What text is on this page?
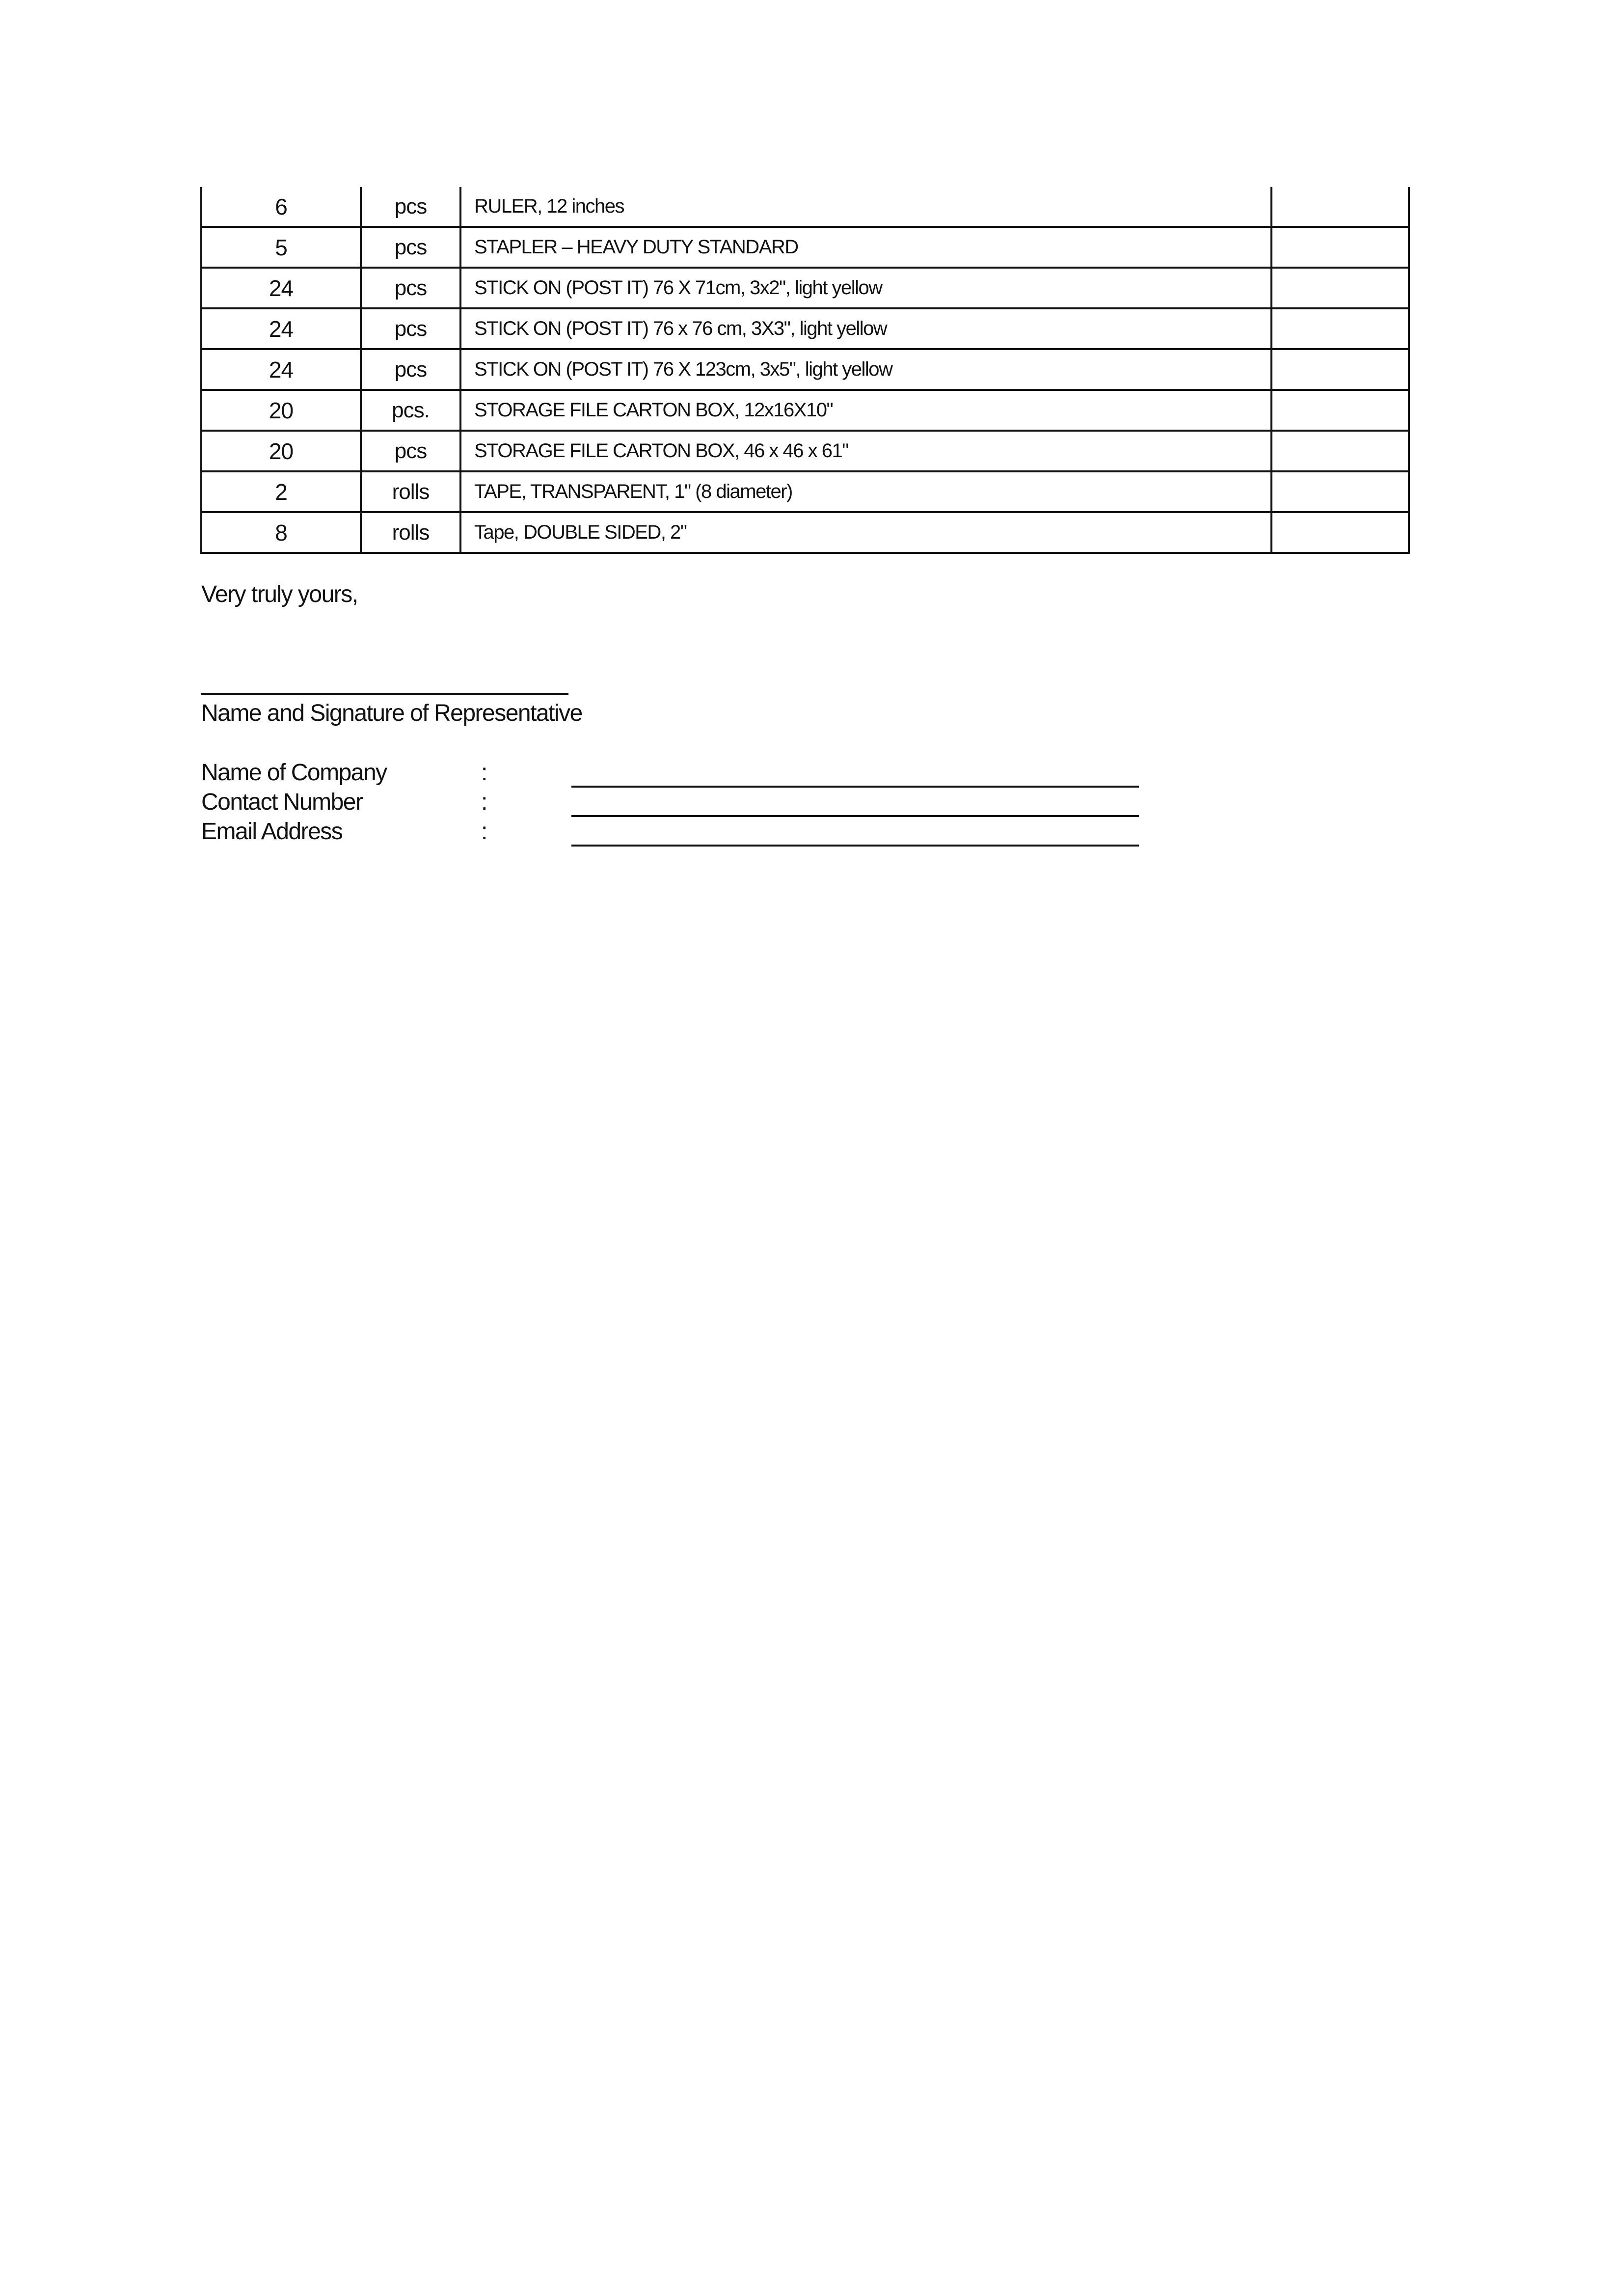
6	pcs	RULER, 12 inches	
5	pcs	STAPLER – HEAVY DUTY STANDARD	
24	pcs	STICK ON (POST IT) 76 X 71cm, 3x2", light yellow	
24	pcs	STICK ON (POST IT) 76 x 76 cm, 3X3", light yellow	
24	pcs	STICK ON (POST IT) 76 X 123cm, 3x5", light yellow	
20	pcs.	STORAGE FILE CARTON BOX, 12x16X10"	
20	pcs	STORAGE FILE CARTON BOX, 46 x 46 x 61"	
2	rolls	TAPE, TRANSPARENT, 1" (8 diameter)	
8	rolls	Tape, DOUBLE SIDED, 2"	
Very truly yours,
Name and Signature of Representative
Name of Company	:
Contact Number	:
Email Address	:
